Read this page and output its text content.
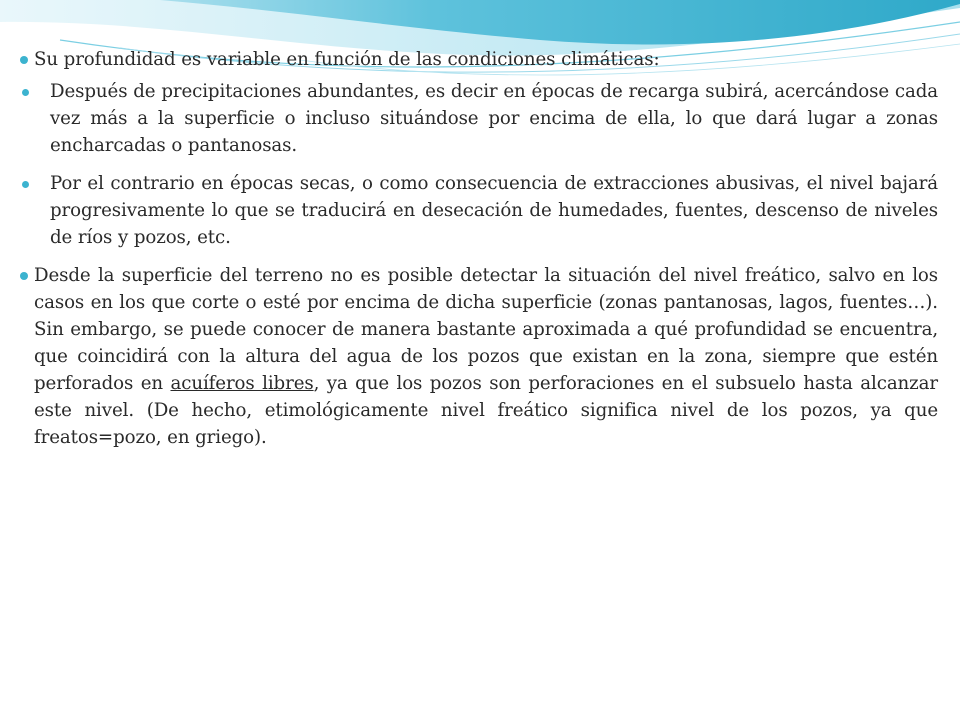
Su profundidad es variable en función de las condiciones climáticas:
Después de precipitaciones abundantes, es decir en épocas de recarga subirá, acercándose cada vez más a la superficie o incluso situándose por encima de ella, lo que dará lugar a zonas encharcadas o pantanosas.
Por el contrario en épocas secas, o como consecuencia de extracciones abusivas, el nivel bajará progresivamente lo que se traducirá en desecación de humedades, fuentes, descenso de niveles de ríos y pozos, etc.
Desde la superficie del terreno no es posible detectar la situación del nivel freático, salvo en los casos en los que corte o esté por encima de dicha superficie (zonas pantanosas, lagos, fuentes…). Sin embargo, se puede conocer de manera bastante aproximada a qué profundidad se encuentra, que coincidirá con la altura del agua de los pozos que existan en la zona, siempre que estén perforados en acuíferos libres, ya que los pozos son perforaciones en el subsuelo hasta alcanzar este nivel. (De hecho, etimológicamente nivel freático significa nivel de los pozos, ya que freatos=pozo, en griego).
